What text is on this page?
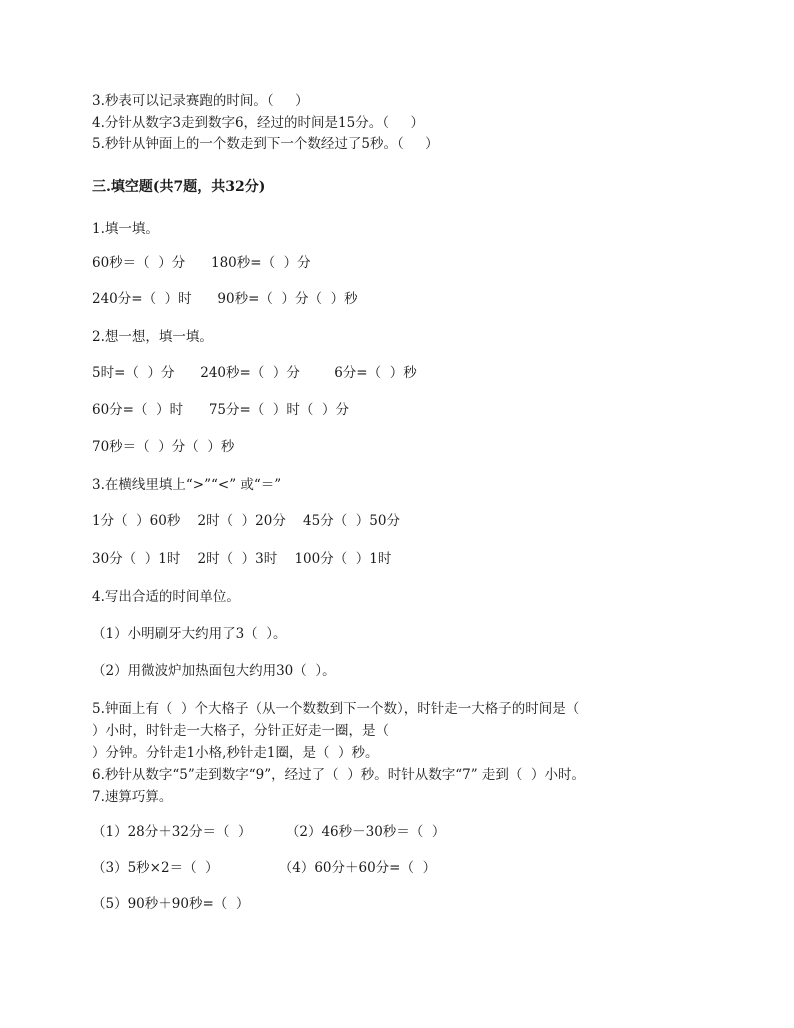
3.秒表可以记录赛跑的时间。（     ）
4.分针从数字3走到数字6，经过的时间是15分。（     ）
5.秒针从钟面上的一个数走到下一个数经过了5秒。（     ）
三.填空题(共7题，共32分)
1.填一填。
60秒＝（  ）分      180秒=（  ）分
240分=（  ）时      90秒=（  ）分（  ）秒
2.想一想，填一填。
5时=（  ）分      240秒=（  ）分        6分=（  ）秒
60分=（  ）时      75分=（  ）时（  ）分
70秒＝（  ）分（  ）秒
3.在横线里填上“>”“<” 或“＝”
1分（  ）60秒    2时（  ）20分    45分（  ）50分
30分（  ）1时    2时（  ）3时    100分（  ）1时
4.写出合适的时间单位。
（1）小明刷牙大约用了3（  ）。
（2）用微波炉加热面包大约用30（  ）。
5.钟面上有（  ）个大格子（从一个数数到下一个数），时针走一大格子的时间是（
）小时，时针走一大格子，分针正好走一圈，是（
）分钟。分针走1小格,秒针走1圈，是（  ）秒。
6.秒针从数字“5”走到数字“9”，经过了（  ）秒。时针从数字“7” 走到（  ）小时。
7.速算巧算。
（1）28分＋32分＝（  ）        （2）46秒－30秒＝（  ）
（3）5秒×2＝（  ）              （4）60分＋60分=（  ）
（5）90秒＋90秒=（  ）
